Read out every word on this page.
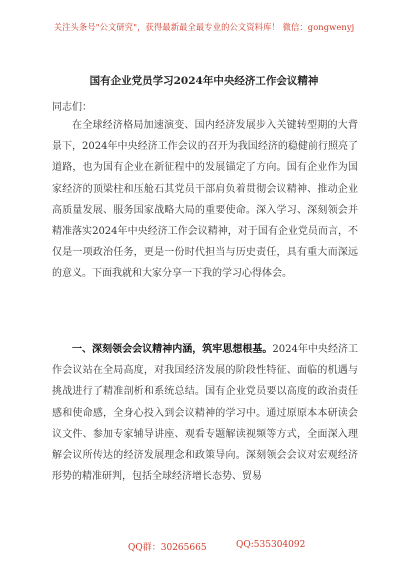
关注头条号"公文研究"，获得最新最全最专业的公文资料库！ 微信：gongwenyj
国有企业党员学习2024年中央经济工作会议精神
同志们：

在全球经济格局加速演变、国内经济发展步入关键转型期的大背景下，2024年中央经济工作会议的召开为我国经济的稳健前行照亮了道路，也为国有企业在新征程中的发展锚定了方向。国有企业作为国家经济的顶梁柱和压舱石其党员干部肩负着贯彻会议精神、推动企业高质量发展、服务国家战略大局的重要使命。深入学习、深刻领会并精准落实2024年中央经济工作会议精神，对于国有企业党员而言，不仅是一项政治任务，更是一份时代担当与历史责任，具有重大而深远的意义。下面我就和大家分享一下我的学习心得体会。

一、深刻领会会议精神内涵，筑牢思想根基。2024年中央经济工作会议站在全局高度，对我国经济发展的阶段性特征、面临的机遇与挑战进行了精准剖析和系统总结。国有企业党员要以高度的政治责任感和使命感，全身心投入到会议精神的学习中。通过原原本本研读会议文件、参加专家辅导讲座、观看专题解读视频等方式，全面深入理解会议所传达的经济发展理念和政策导向。深刻领会会议对宏观经济形势的精准研判，包括全球经济增长态势、贸易

QQ群：30265665	QQ:535304092
